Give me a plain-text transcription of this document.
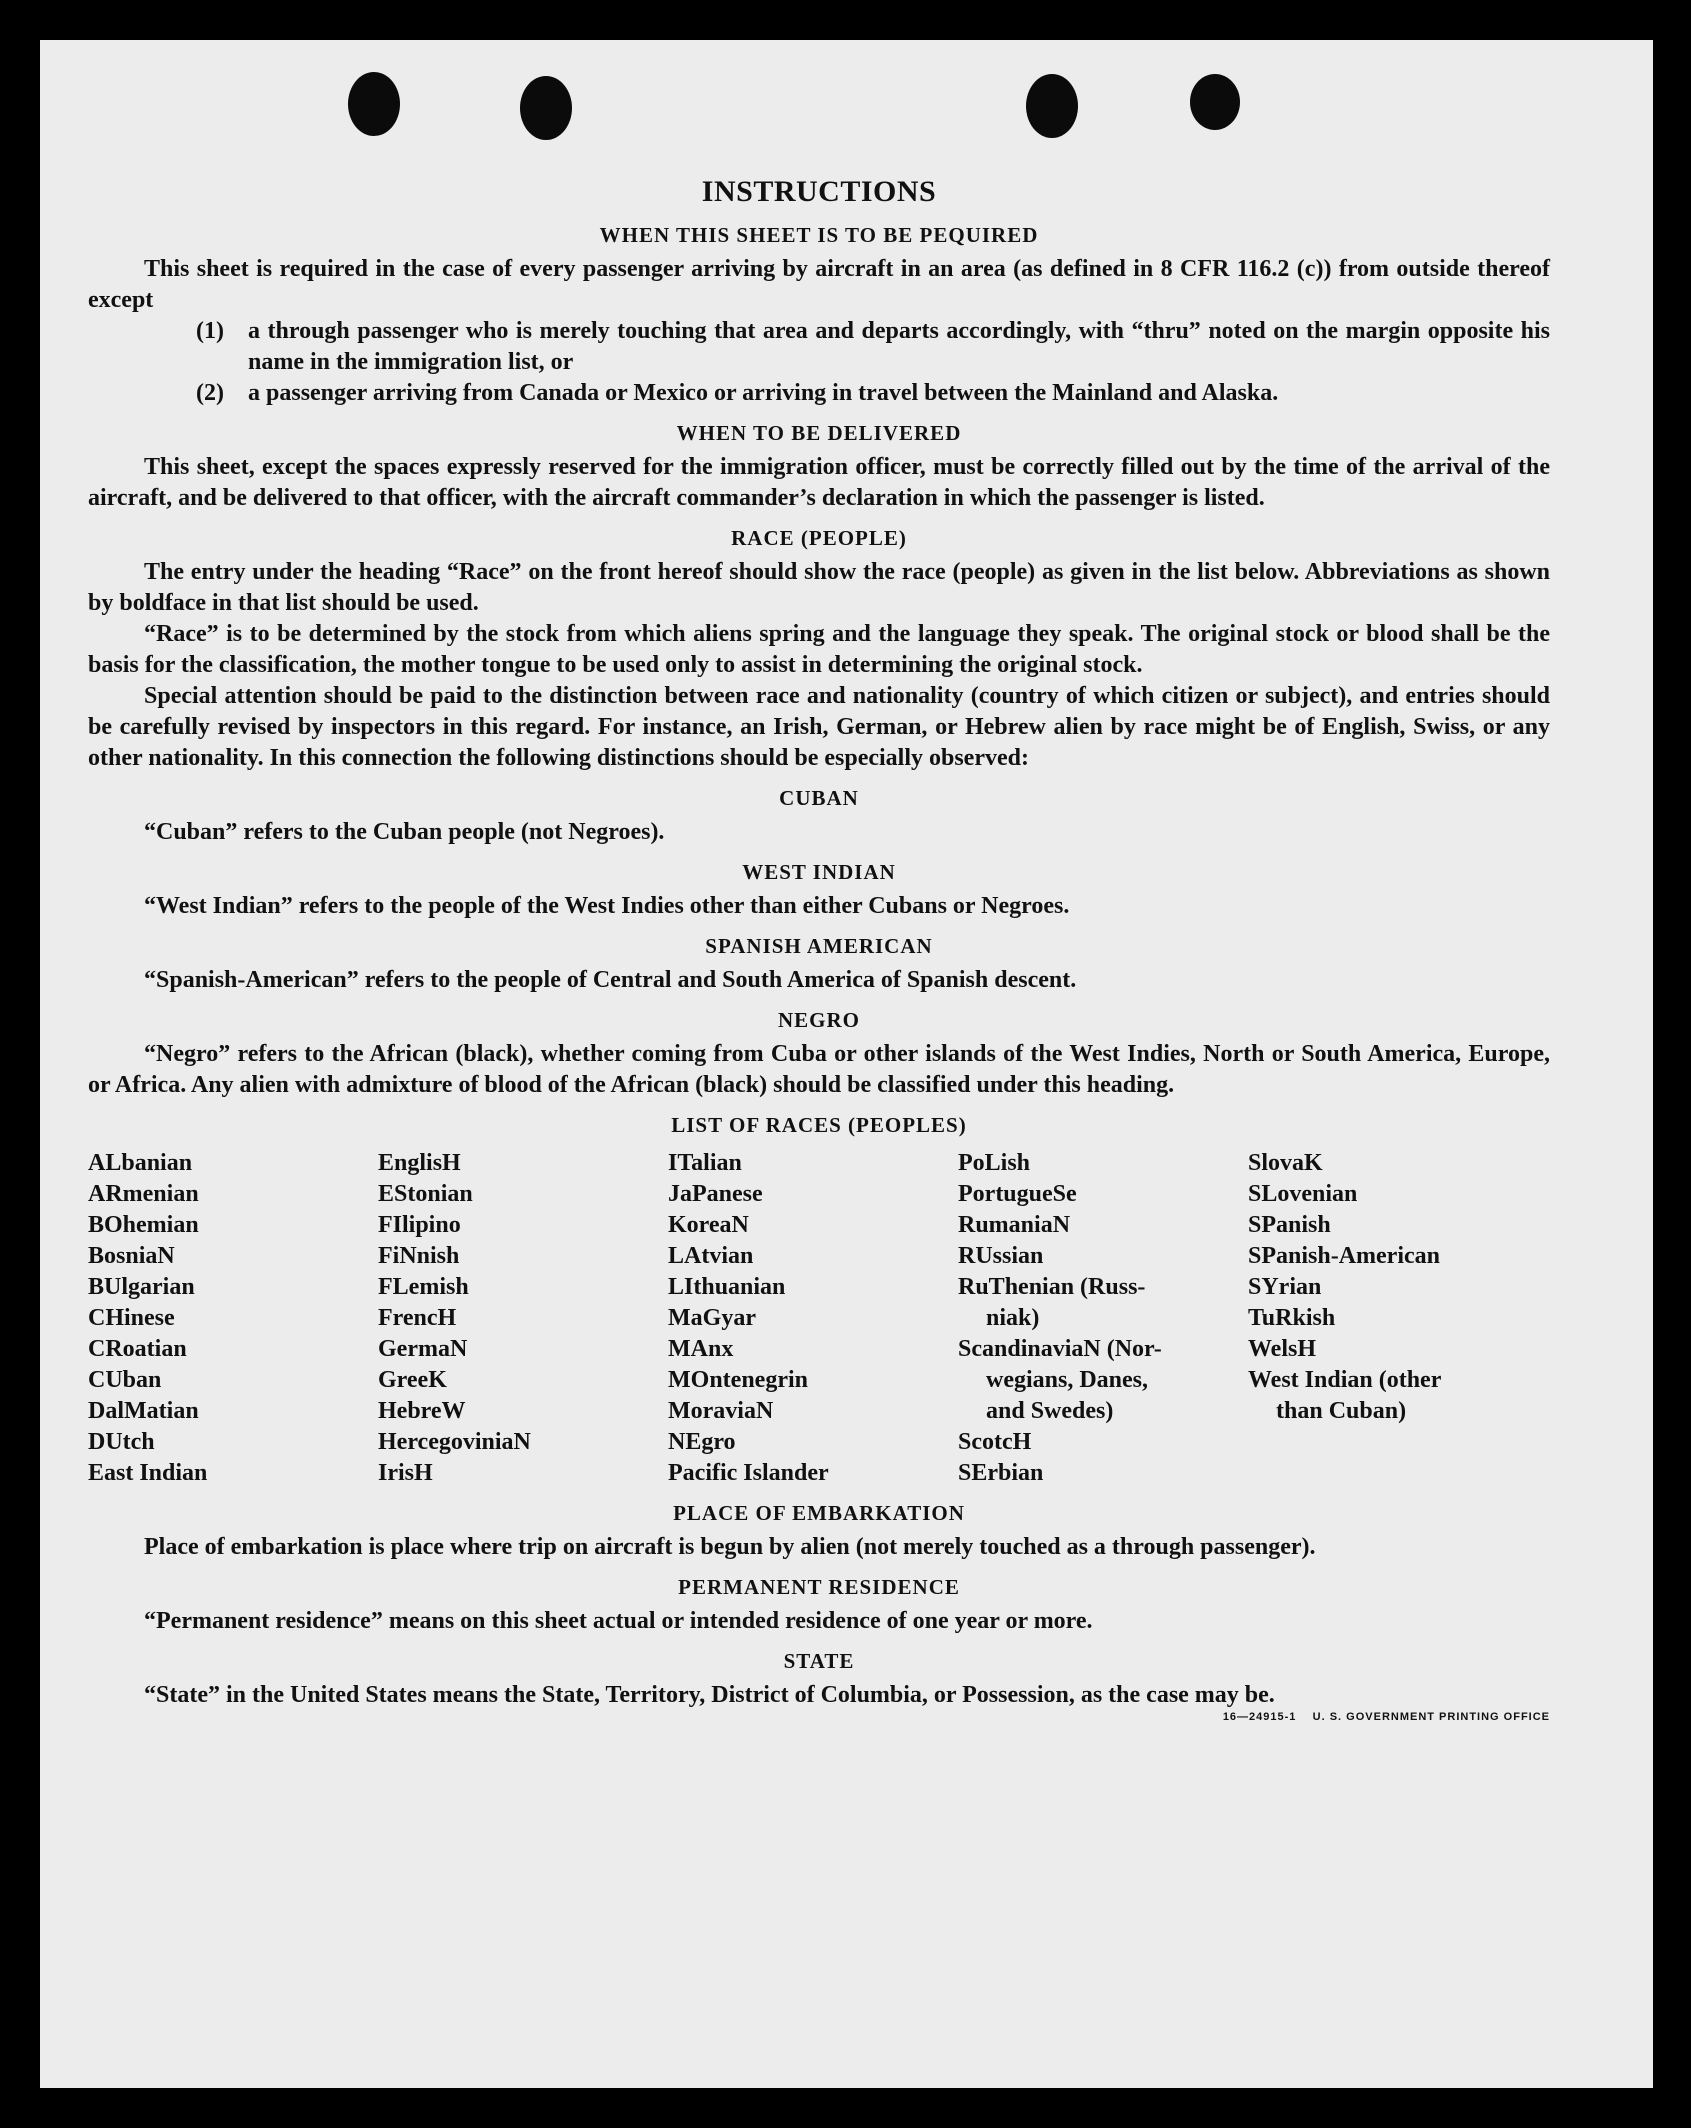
INSTRUCTIONS
WHEN THIS SHEET IS TO BE PEQUIRED

This sheet is required in the case of every passenger arriving by aircraft in an area (as defined in 8 CFR 116.2 (c)) from outside thereof except

(1)	a through passenger who is merely touching that area and departs accordingly, with “thru” noted on the margin opposite his name in the immigration list, or
(2)	a passenger arriving from Canada or Mexico or arriving in travel between the Mainland and Alaska.
WHEN TO BE DELIVERED

This sheet, except the spaces expressly reserved for the immigration officer, must be correctly filled out by the time of the arrival of the aircraft, and be delivered to that officer, with the aircraft commander’s declaration in which the passenger is listed.

RACE (PEOPLE)

The entry under the heading “Race” on the front hereof should show the race (people) as given in the list below. Abbreviations as shown by boldface in that list should be used.

“Race” is to be determined by the stock from which aliens spring and the language they speak. The original stock or blood shall be the basis for the classification, the mother tongue to be used only to assist in determining the original stock.

Special attention should be paid to the distinction between race and nationality (country of which citizen or subject), and entries should be carefully revised by inspectors in this regard. For instance, an Irish, German, or Hebrew alien by race might be of English, Swiss, or any other nationality. In this connection the following distinctions should be especially observed:

CUBAN

“Cuban” refers to the Cuban people (not Negroes).

WEST INDIAN

“West Indian” refers to the people of the West Indies other than either Cubans or Negroes.

SPANISH AMERICAN

“Spanish-American” refers to the people of Central and South America of Spanish descent.

NEGRO

“Negro” refers to the African (black), whether coming from Cuba or other islands of the West Indies, North or South America, Europe, or Africa. Any alien with admixture of blood of the African (black) should be classified under this heading.

LIST OF RACES (PEOPLES)
ALbanian
ARmenian
BOhemian
BosniaN
BUlgarian
CHinese
CRoatian
CUban
DalMatian
DUtch
East Indian
EnglisH
EStonian
FIlipino
FiNnish
FLemish
FrencH
GermaN
GreeK
HebreW
HercegoviniaN
IrisH
ITalian
JaPanese
KoreaN
LAtvian
LIthuanian
MaGyar
MAnx
MOntenegrin
MoraviaN
NEgro
Pacific Islander
PoLish
PortugueSe
RumaniaN
RUssian
RuThenian (Russ-
niak)
ScandinaviaN (Nor-
wegians, Danes,
and Swedes)
ScotcH
SErbian
SlovaK
SLovenian
SPanish
SPanish-American
SYrian
TuRkish
WelsH
West Indian (other
than Cuban)
PLACE OF EMBARKATION

Place of embarkation is place where trip on aircraft is begun by alien (not merely touched as a through passenger).

PERMANENT RESIDENCE

“Permanent residence” means on this sheet actual or intended residence of one year or more.

STATE

“State” in the United States means the State, Territory, District of Columbia, or Possession, as the case may be.

16—24915-1 U. S. GOVERNMENT PRINTING OFFICE
